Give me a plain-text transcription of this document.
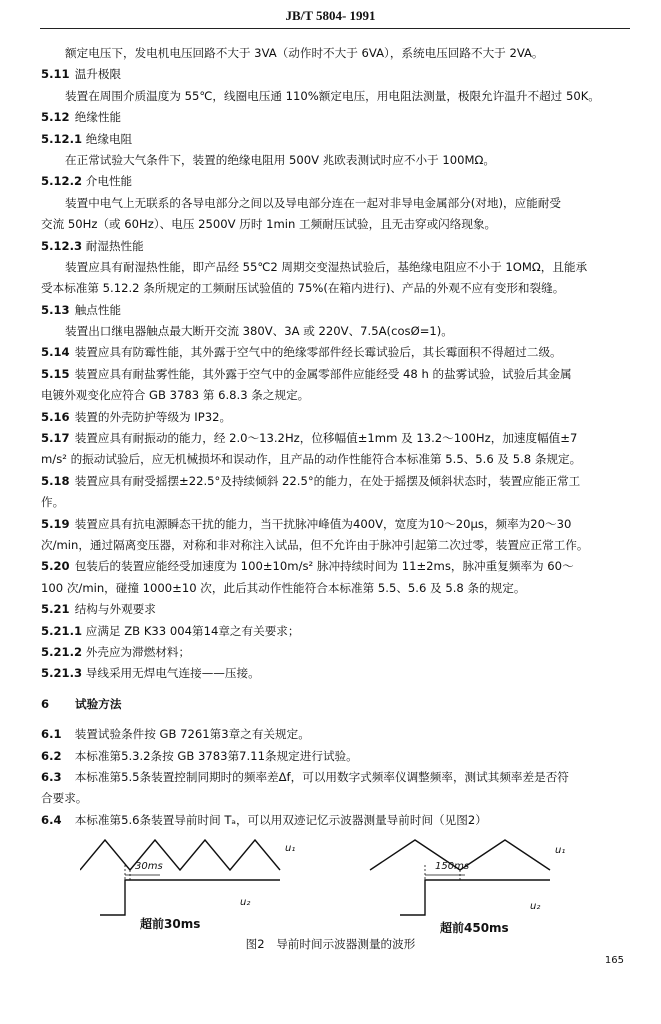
JB/T 5804- 1991
额定电压下，发电机电压回路不大于 3VA（动作时不大于 6VA），系统电压回路不大于 2VA。
5.11 温升极限
装置在周围介质温度为 55℃，线圈电压通 110%额定电压，用电阻法测量，极限允许温升不超过 50K。
5.12 绝缘性能
5.12.1 绝缘电阻
在正常试验大气条件下，装置的绝缘电阻用 500V 兆欧表测试时应不小于 100MΩ。
5.12.2 介电性能
装置中电气上无联系的各导电部分之间以及导电部分连在一起对非导电金属部分(对地)，应能耐受
交流 50Hz（或 60Hz）、电压 2500V 历时 1min 工频耐压试验，且无击穿或闪络现象。
5.12.3 耐湿热性能
装置应具有耐湿热性能，即产品经 55℃2 周期交变湿热试验后，基绝缘电阻应不小于 1OMΩ，且能承
受本标准第 5.12.2 条所规定的工频耐压试验值的 75%(在箱内进行)、产品的外观不应有变形和裂缝。
5.13 触点性能
装置出口继电器触点最大断开交流 380V、3A 或 220V、7.5A(cosØ=1)。
5.14 装置应具有防霉性能，其外露于空气中的绝缘零部件经长霉试验后，其长霉面积不得超过二级。
5.15 装置应具有耐盐雾性能，其外露于空气中的金属零部件应能经受 48 h 的盐雾试验，试验后其金属
电镀外观变化应符合 GB 3783 第 6.8.3 条之规定。
5.16 装置的外壳防护等级为 IP32。
5.17 装置应具有耐振动的能力，经 2.0～13.2Hz，位移幅值±1mm 及 13.2～100Hz，加速度幅值±7
m/s² 的振动试验后，应无机械损坏和误动作，且产品的动作性能符合本标准第 5.5、5.6 及 5.8 条规定。
5.18 装置应具有耐受摇摆±22.5°及持续倾斜 22.5°的能力，在处于摇摆及倾斜状态时，装置应能正常工
作。
5.19 装置应具有抗电源瞬态干扰的能力，当干扰脉冲峰值为400V，宽度为10～20μs，频率为20～30
次/min，通过隔离变压器，对称和非对称注入试品，但不允许由于脉冲引起第二次过零，装置应正常工作。
5.20 包装后的装置应能经受加速度为 100±10m/s² 脉冲持续时间为 11±2ms，脉冲重复频率为 60～
100 次/min，碰撞 1000±10 次，此后其动作性能符合本标准第 5.5、5.6 及 5.8 条的规定。
5.21 结构与外观要求
5.21.1 应满足 ZB K33 004第14章之有关要求；
5.21.2 外壳应为滞燃材料；
5.21.3 导线采用无焊电气连接——压接。
6 试验方法
6.1 装置试验条件按 GB 7261第3章之有关规定。
6.2 本标准第5.3.2条按 GB 3783第7.11条规定进行试验。
6.3 本标准第5.5条装置控制同期时的频率差Δf，可以用数字式频率仪调整频率，测试其频率差是否符
合要求。
6.4 本标准第5.6条装置导前时间 Tₐ，可以用双迹记忆示波器测量导前时间（见图2）
30ms	150ms
u₁
u₂
u₁
u₂
超前30ms	超前450ms
图2　导前时间示波器测量的波形
165
